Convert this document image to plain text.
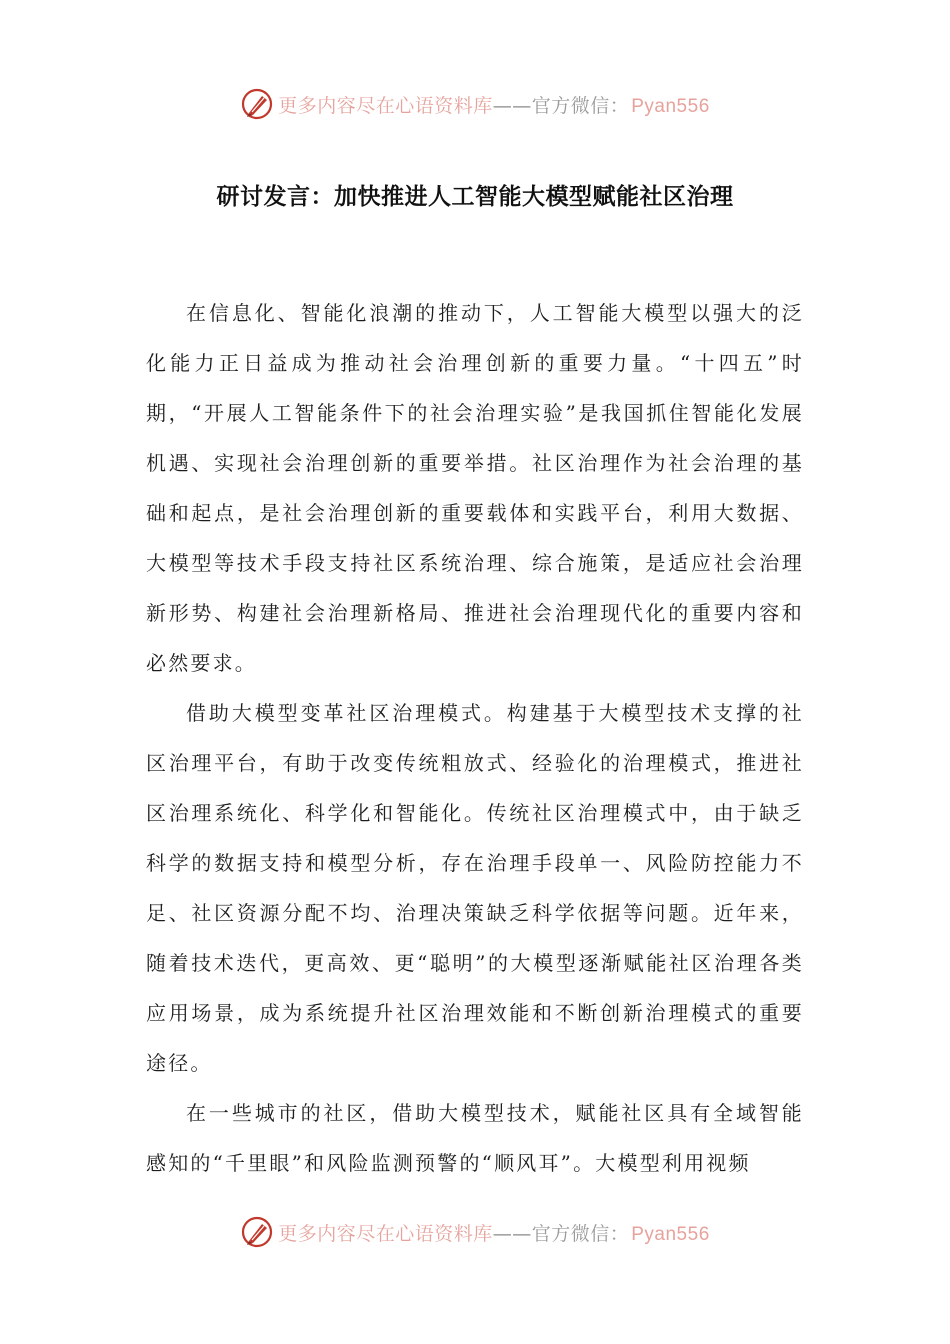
更多内容尽在心语资料库 —— 官方微信： Pyan556
研讨发言：加快推进人工智能大模型赋能社区治理

在信息化、智能化浪潮的推动下，人工智能大模型以强大的泛化能力正日益成为推动社会治理创新的重要力量。“十四五”时期，“开展人工智能条件下的社会治理实验”是我国抓住智能化发展机遇、实现社会治理创新的重要举措。社区治理作为社会治理的基础和起点，是社会治理创新的重要载体和实践平台，利用大数据、大模型等技术手段支持社区系统治理、综合施策，是适应社会治理新形势、构建社会治理新格局、推进社会治理现代化的重要内容和必然要求。

借助大模型变革社区治理模式。构建基于大模型技术支撑的社区治理平台，有助于改变传统粗放式、经验化的治理模式，推进社区治理系统化、科学化和智能化。传统社区治理模式中，由于缺乏科学的数据支持和模型分析，存在治理手段单一、风险防控能力不足、社区资源分配不均、治理决策缺乏科学依据等问题。近年来，随着技术迭代，更高效、更“聪明”的大模型逐渐赋能社区治理各类应用场景，成为系统提升社区治理效能和不断创新治理模式的重要途径。

在一些城市的社区，借助大模型技术，赋能社区具有全域智能感知的“千里眼”和风险监测预警的“顺风耳”。大模型利用视频

更多内容尽在心语资料库 —— 官方微信： Pyan556
